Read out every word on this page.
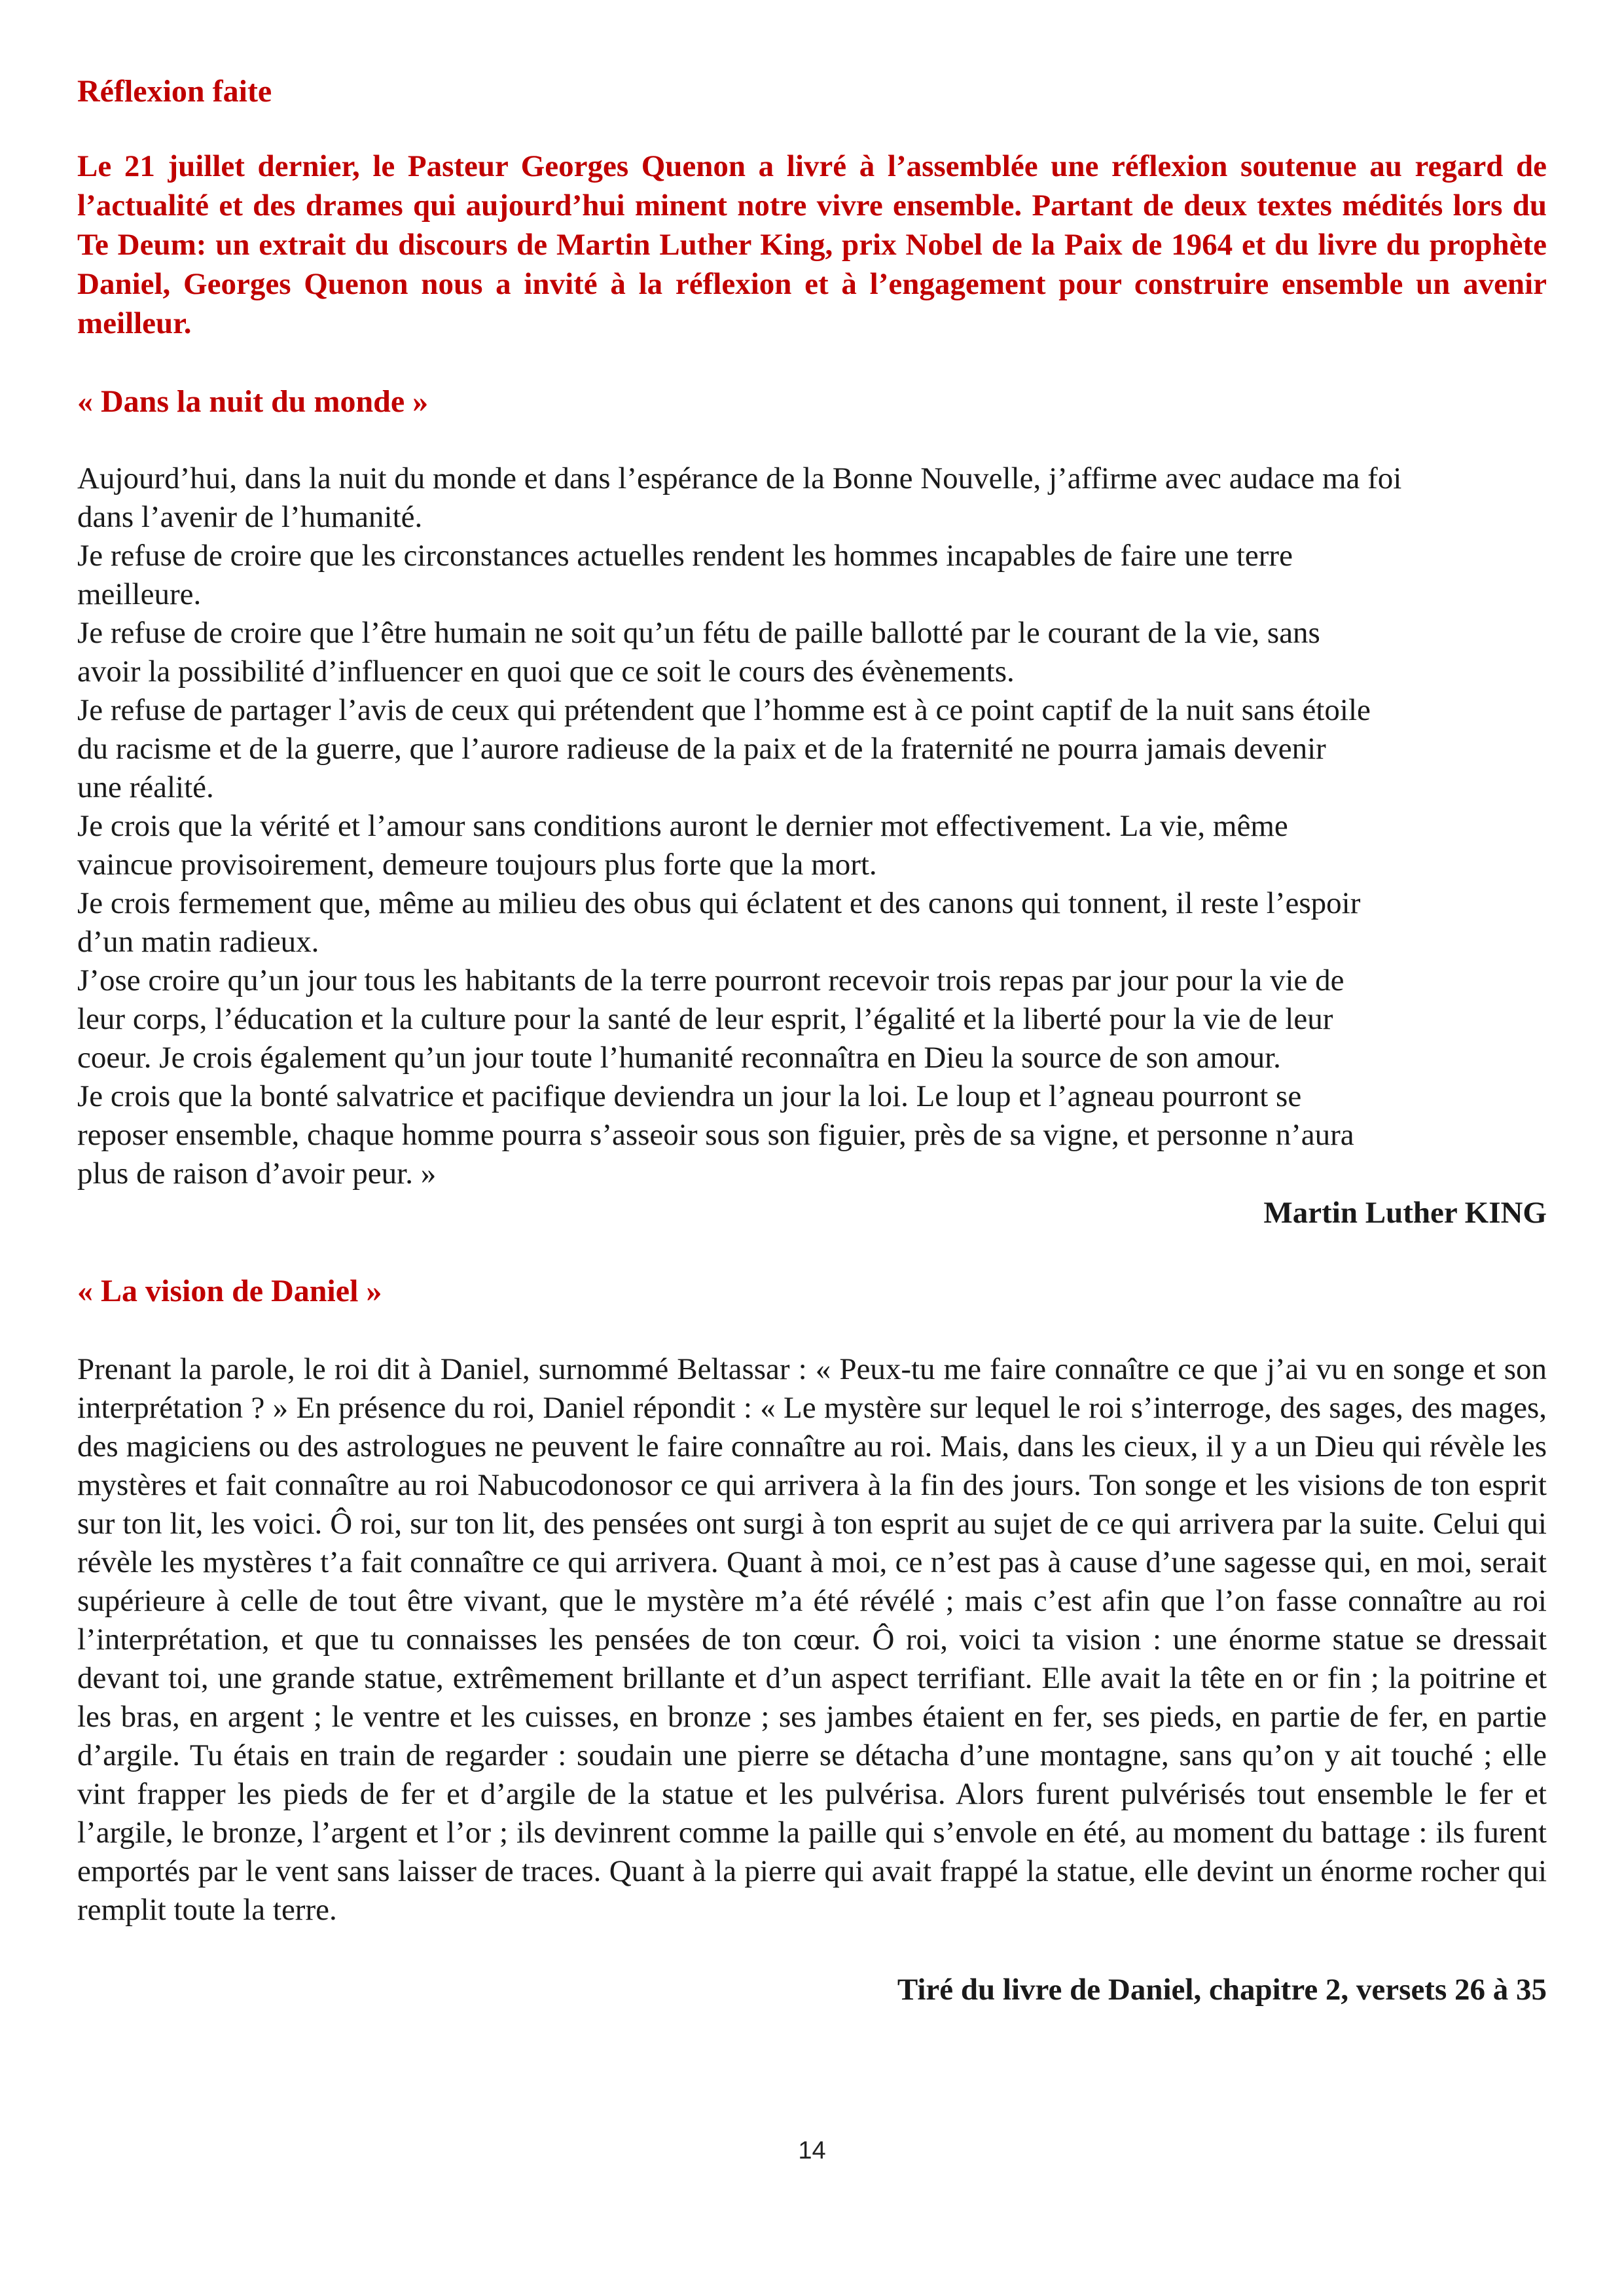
Réflexion faite

Le 21 juillet dernier, le Pasteur Georges Quenon a livré à l’assemblée une réflexion soutenue au regard de l’actualité et des drames qui aujourd’hui minent notre vivre ensemble. Partant de deux textes médités lors du Te Deum: un extrait du discours de Martin Luther King, prix Nobel de la Paix de 1964 et du livre du prophète Daniel, Georges Quenon nous a invité à la réflexion et à l’engagement pour construire ensemble un avenir meilleur.

« Dans la nuit du monde »
Aujourd’hui, dans la nuit du monde et dans l’espérance de la Bonne Nouvelle, j’affirme avec audace ma foi
dans l’avenir de l’humanité.
Je refuse de croire que les circonstances actuelles rendent les hommes incapables de faire une terre
meilleure.
Je refuse de croire que l’être humain ne soit qu’un fétu de paille ballotté par le courant de la vie, sans
avoir la possibilité d’influencer en quoi que ce soit le cours des évènements.
Je refuse de partager l’avis de ceux qui prétendent que l’homme est à ce point captif de la nuit sans étoile
du racisme et de la guerre, que l’aurore radieuse de la paix et de la fraternité ne pourra jamais devenir
une réalité.
Je crois que la vérité et l’amour sans conditions auront le dernier mot effectivement. La vie, même
vaincue provisoirement, demeure toujours plus forte que la mort.
Je crois fermement que, même au milieu des obus qui éclatent et des canons qui tonnent, il reste l’espoir
d’un matin radieux.
J’ose croire qu’un jour tous les habitants de la terre pourront recevoir trois repas par jour pour la vie de
leur corps, l’éducation et la culture pour la santé de leur esprit, l’égalité et la liberté pour la vie de leur
coeur. Je crois également qu’un jour toute l’humanité reconnaîtra en Dieu la source de son amour.
Je crois que la bonté salvatrice et pacifique deviendra un jour la loi. Le loup et l’agneau pourront se
reposer ensemble, chaque homme pourra s’asseoir sous son figuier, près de sa vigne, et personne n’aura
plus de raison d’avoir peur. »

Martin Luther KING

« La vision de Daniel »

Prenant la parole, le roi dit à Daniel, surnommé Beltassar : « Peux-tu me faire connaître ce que j’ai vu en songe et son interprétation ? » En présence du roi, Daniel répondit : « Le mystère sur lequel le roi s’interroge, des sages, des mages, des magiciens ou des astrologues ne peuvent le faire connaître au roi. Mais, dans les cieux, il y a un Dieu qui révèle les mystères et fait connaître au roi Nabucodonosor ce qui arrivera à la fin des jours. Ton songe et les visions de ton esprit sur ton lit, les voici. Ô roi, sur ton lit, des pensées ont surgi à ton esprit au sujet de ce qui arrivera par la suite. Celui qui révèle les mystères t’a fait connaître ce qui arrivera. Quant à moi, ce n’est pas à cause d’une sagesse qui, en moi, serait supérieure à celle de tout être vivant, que le mystère m’a été révélé ; mais c’est afin que l’on fasse connaître au roi l’interprétation, et que tu connaisses les pensées de ton cœur. Ô roi, voici ta vision : une énorme statue se dressait devant toi, une grande statue, extrêmement brillante et d’un aspect terrifiant. Elle avait la tête en or fin ; la poitrine et les bras, en argent ; le ventre et les cuisses, en bronze ; ses jambes étaient en fer, ses pieds, en partie de fer, en partie d’argile. Tu étais en train de regarder : soudain une pierre se détacha d’une montagne, sans qu’on y ait touché ; elle vint frapper les pieds de fer et d’argile de la statue et les pulvérisa. Alors furent pulvérisés tout ensemble le fer et l’argile, le bronze, l’argent et l’or ; ils devinrent comme la paille qui s’envole en été, au moment du battage : ils furent emportés par le vent sans laisser de traces. Quant à la pierre qui avait frappé la statue, elle devint un énorme rocher qui remplit toute la terre.

Tiré du livre de Daniel, chapitre 2, versets 26 à 35

14
